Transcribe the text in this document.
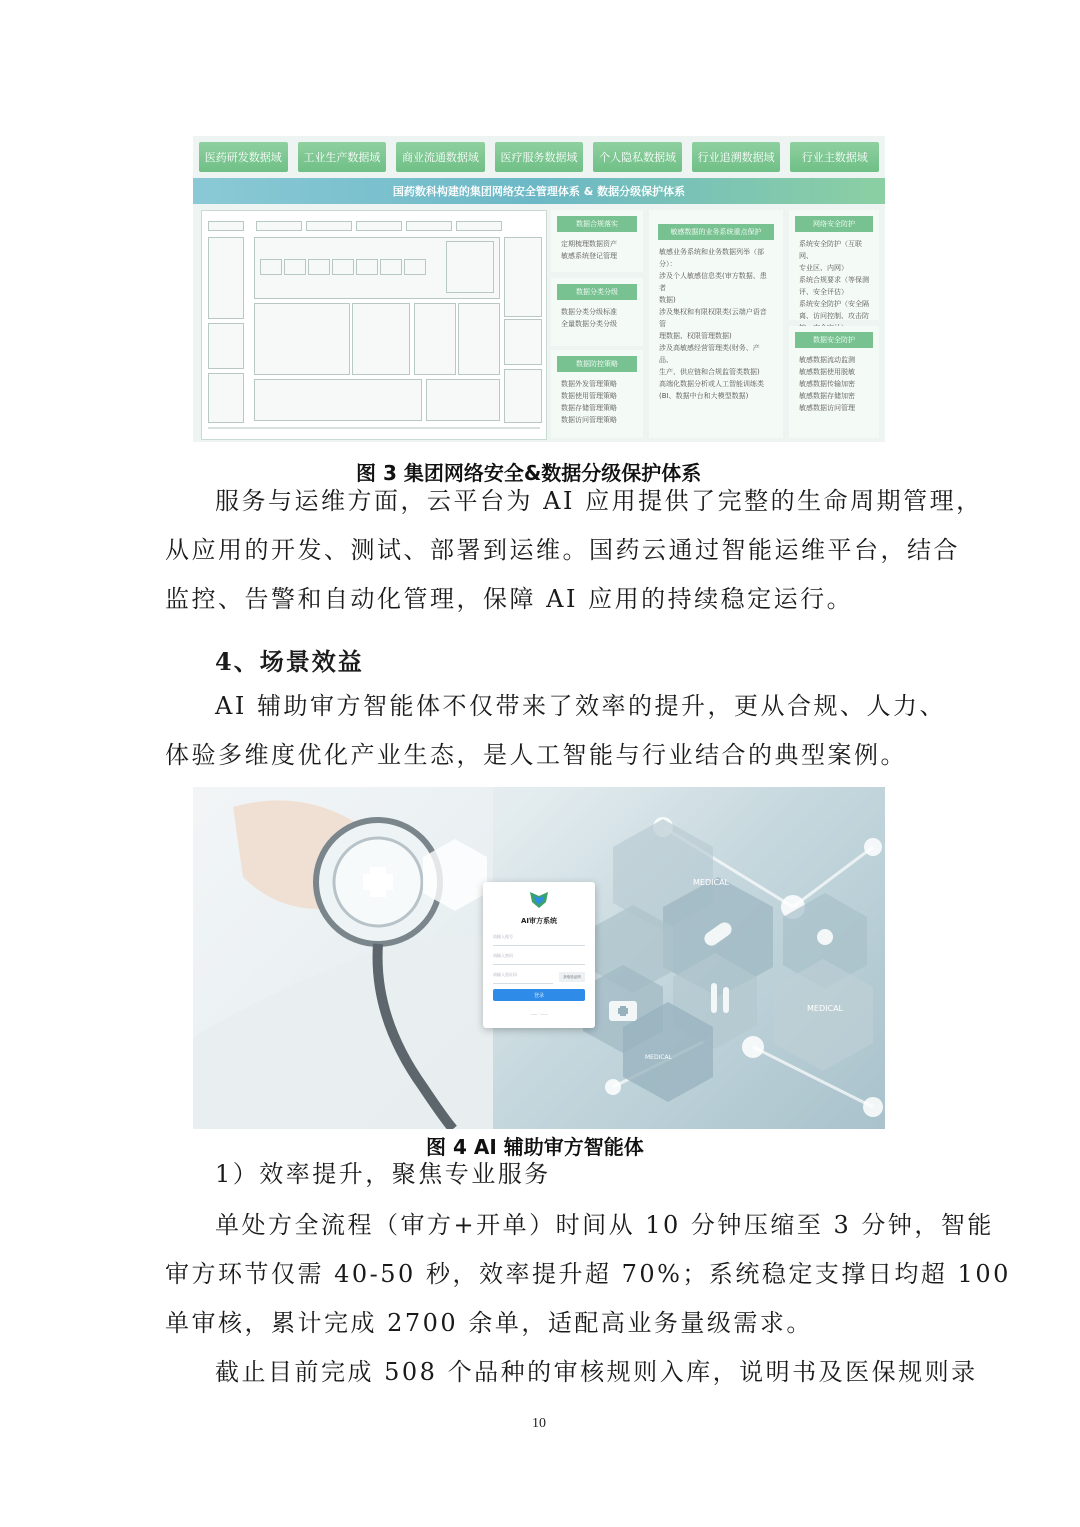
医药研发数据域	工业生产数据域	商业流通数据域	医疗服务数据域	个人隐私数据域	行业追溯数据域	行业主数据域
国药数科构建的集团网络安全管理体系 & 数据分级保护体系
数据合规落实
定期梳理数据资产
敏感系统登记管理
数据分类分级
数据分类分级标准
全量数据分类分级
数据防控策略
数据外发管理策略
数据使用管理策略
数据存储管理策略
数据访问管理策略
敏感数据的业务系统重点保护
敏感业务系统和业务数据列举（部
分）：
涉及个人敏感信息类(审方数据、患者
数据)
涉及集权和有限权限类(云端户语音管
理数据、权限管理数据)
涉及高敏感经营管理类(财务、产品、
生产、供应链和合规监管类数据)
高端化数据分析或人工智能训练类
(BI、数据中台和大模型数据)
网络安全防护
系统安全防护（互联网、
专业区、内网）
系统合规要求（等保测
评、安全评估）
系统安全防护（安全隔
离、访问控制、攻击防
数据安全防护
敏感数据流动监测
敏感数据使用脱敏
敏感数据传输加密
敏感数据存储加密
敏感数据访问管理
图 3 集团网络安全&数据分级保护体系
服务与运维方面，云平台为 AI 应用提供了完整的生命周期管理，
从应用的开发、测试、部署到运维。国药云通过智能运维平台，结合
监控、告警和自动化管理，保障 AI 应用的持续稳定运行。
4、场景效益
AI 辅助审方智能体不仅带来了效率的提升，更从合规、人力、
体验多维度优化产业生态，是人工智能与行业结合的典型案例。
MEDICAL
MEDICAL
MEDICAL
AI审方系统
请输入账号
请输入密码
请输入验证码	获取验证码
登录
—— · ——
图 4 AI 辅助审方智能体
1）效率提升，聚焦专业服务
单处方全流程（审方+开单）时间从 10 分钟压缩至 3 分钟，智能
审方环节仅需 40-50 秒，效率提升超 70%；系统稳定支撑日均超 100
单审核，累计完成 2700 余单，适配高业务量级需求。
截止目前完成 508 个品种的审核规则入库，说明书及医保规则录
10
